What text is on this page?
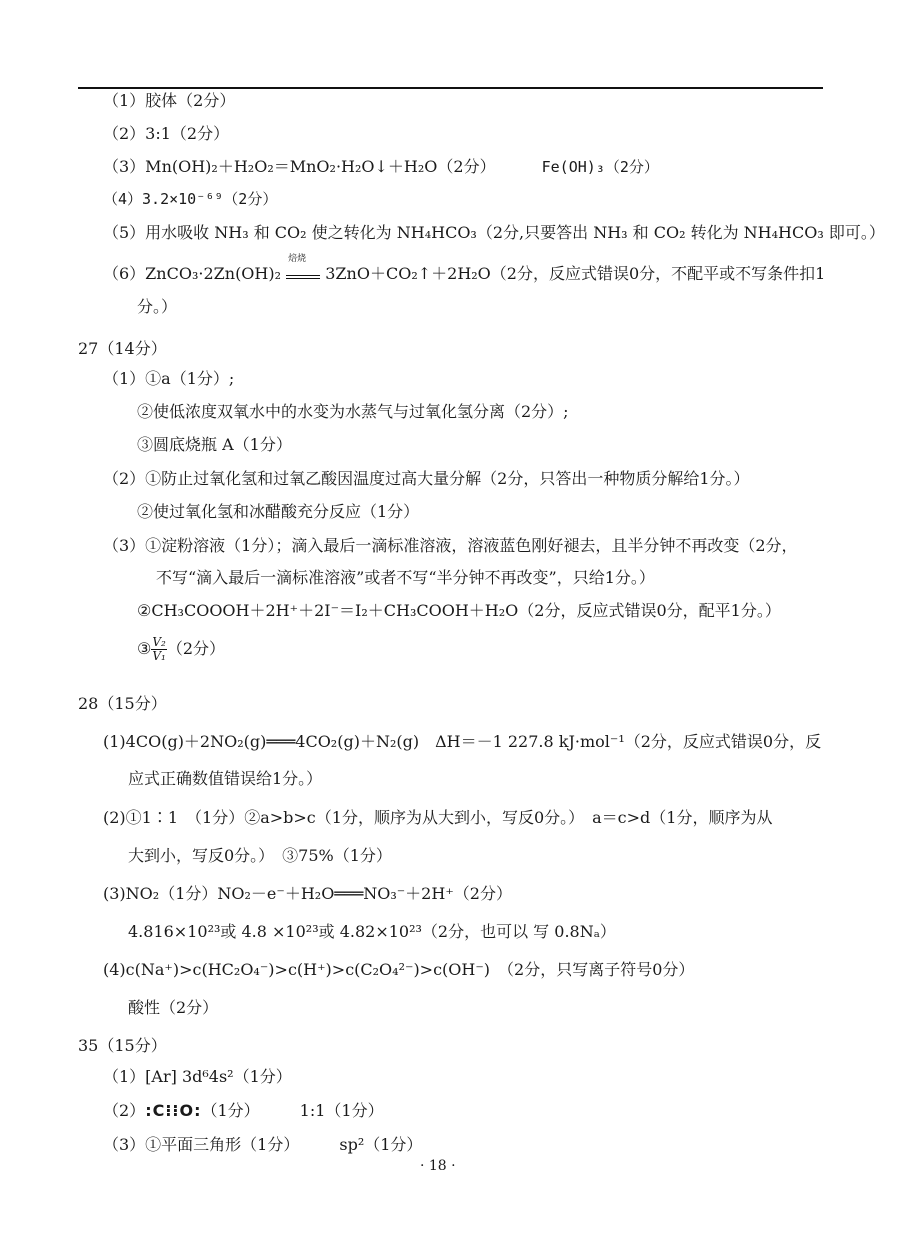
（1）胶体（2分）
（2）3:1（2分）
（3）Mn(OH)₂＋H₂O₂＝MnO₂·H₂O↓＋H₂O（2分）	Fe(OH)₃（2分）
（4）3.2×10⁻⁶⁹（2分）
（5）用水吸收 NH₃ 和 CO₂ 使之转化为 NH₄HCO₃（2分,只要答出 NH₃ 和 CO₂ 转化为 NH₄HCO₃ 即可。）
（6）ZnCO₃·2Zn(OH)₂
焙烧
3ZnO＋CO₂↑＋2H₂O（2分，反应式错误0分，不配平或不写条件扣1
分。）
27（14分）
（1）①a（1分）;
②使低浓度双氧水中的水变为水蒸气与过氧化氢分离（2分）;
③圆底烧瓶 A（1分）
（2）①防止过氧化氢和过氧乙酸因温度过高大量分解（2分，只答出一种物质分解给1分。）
②使过氧化氢和冰醋酸充分反应（1分）
（3）①淀粉溶液（1分）；滴入最后一滴标准溶液，溶液蓝色刚好褪去，且半分钟不再改变（2分，
不写“滴入最后一滴标准溶液”或者不写“半分钟不再改变”，只给1分。）
②CH₃COOOH＋2H⁺＋2I⁻＝I₂＋CH₃COOH＋H₂O（2分，反应式错误0分，配平1分。）
③ $\frac{\text{V₂}}{\text{V₁}} (2$分）
28（15分）
(1)4CO(g)＋2NO₂(g)═══4CO₂(g)＋N₂(g)　ΔH＝－1 227.8 kJ·mol⁻¹（2分，反应式错误0分，反
应式正确数值错误给1分。）
(2)①1∶1　（1分）②a>b>c（1分，顺序为从大到小，写反0分。）　a＝c>d（1分，顺序为从
大到小，写反0分。）　③75%（1分）
(3)NO₂（1分）NO₂－e⁻＋H₂O═══NO₃⁻＋2H⁺（2分）
4.816×10²³或 4.8 ×10²³或 4.82×10²³（2分，也可以 写 0.8Nₐ）
(4)c(Na⁺)>c(HC₂O₄⁻)>c(H⁺)>c(C₂O₄²⁻)>c(OH⁻)　（2分，只写离子符号0分）
酸性（2分）
35（15分）
（1）[Ar] 3d⁶4s²（1分）
（2）:C⁝⁝O:（1分）　　　1:1（1分）
（3）①平面三角形（1分）　　　sp²（1分）
· 18 ·
